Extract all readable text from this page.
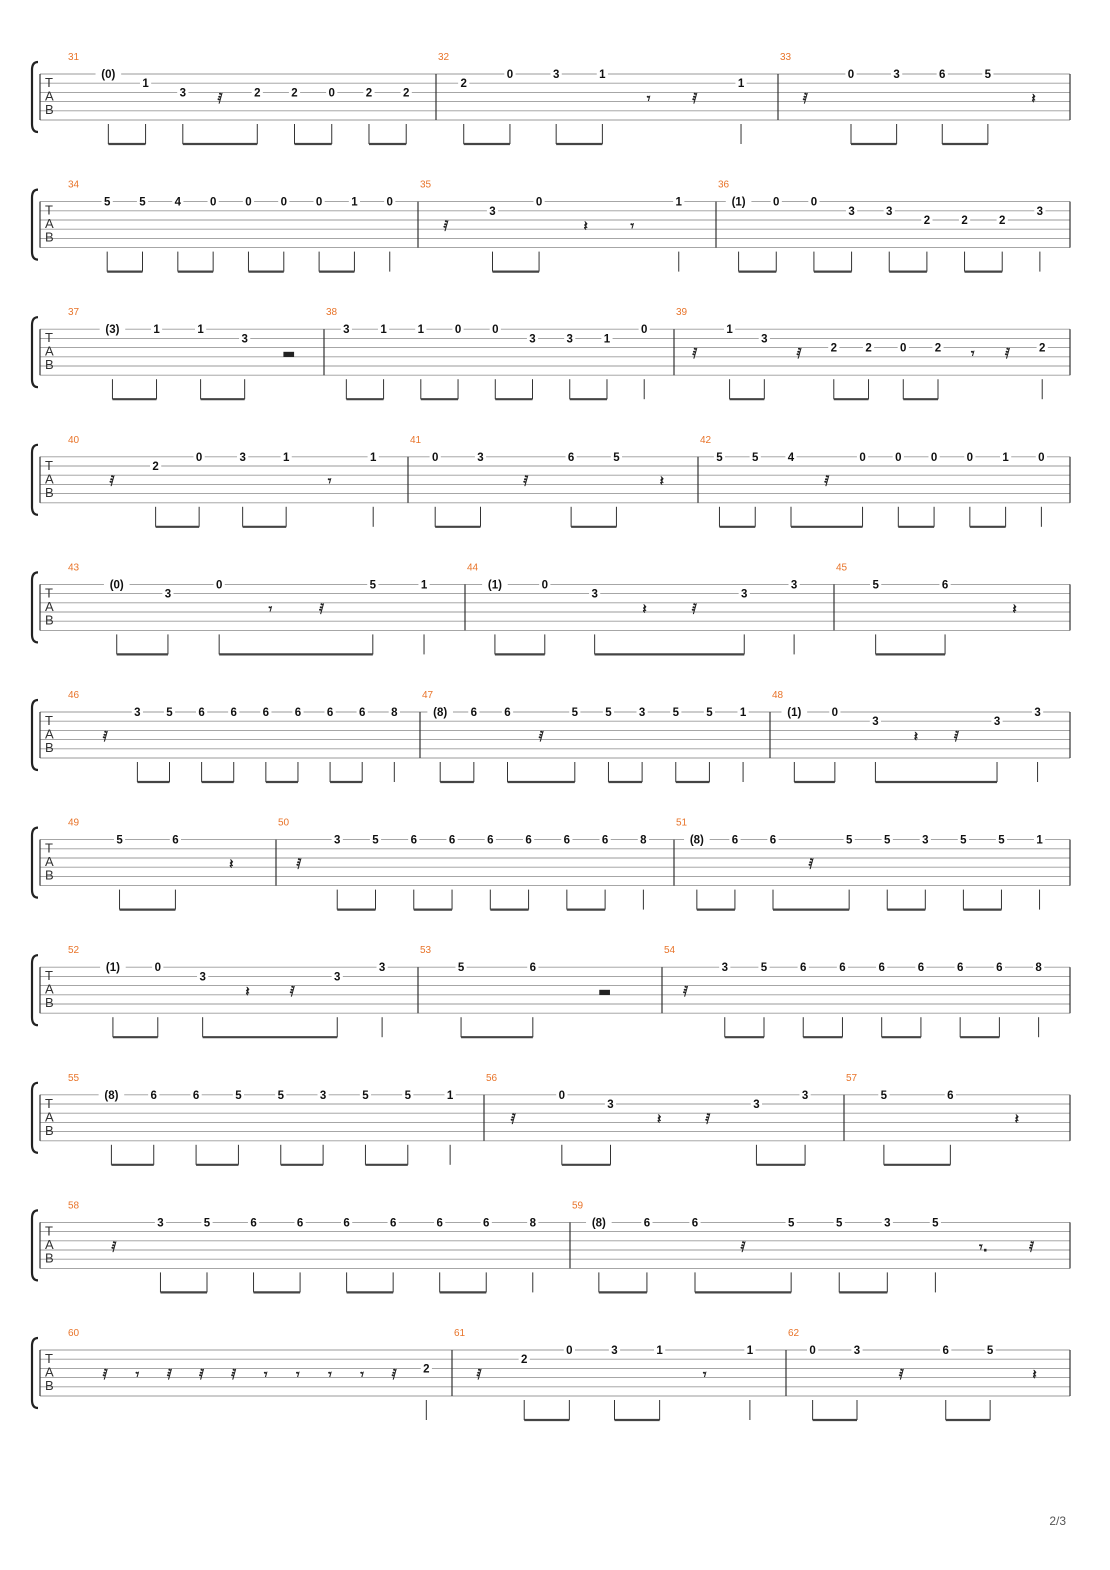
T
A
B
31
(0)
1
3 𝅀	2	2	0	2	2
32
2
0	3	1
𝄾	𝅀
1
33
𝅀
0	3	6	5
𝄽
T
A
B
34
5	5	4	0	0	0	0	1	0
35
𝅀
3
0
𝄽	𝄾
1
36
(1) 0	0
3	3
2	2	2
3
T
A
B
37
(3)	1	1
3
▬
38
3	1	1	0	0
3	3	1
0
39
𝅀
1
3
𝅀	2 2 0 2 𝄾 𝅀	2
T
A
B
40
𝅀
2
0	3	1
𝄾
1
41
0	3
𝅀
6	5
𝄽
42
5	5	4
𝅀
0	0	0	0	1	0
T
A
B
43
(0)
3
0
𝄾	𝅀
5	1
44
(1)	0
3
𝄽	𝅀
3
3
45
5	6
𝄽
T
A
B
46
𝅀
3 5 6 6 6 6 6 6 8
47
(8) 6 6
𝅀
5 5 3 5 5 1
48
(1)	0
3
𝄽	𝅀
3
3
T
A
B
49
5	6
𝄽
50
𝅀
3	5	6	6	6	6	6	6	8
51
(8) 6	6
𝅀
5	5	3	5	5	1
T
A
B
52
(1)	0
3
𝄽	𝅀
3
3
53
5	6
▬
54
𝅀
3	5	6	6	6	6	6	6	8
T
A
B
55
(8)	6	6	5	5	3	5	5	1
56
𝅀
0
3
𝄽	𝅀
3
3
57
5	6
𝄽
T
A
B
58
𝅀
3	5	6	6	6	6	6	6	8
59
(8)	6	6
𝅀
5	5	3	5
𝄾.	𝅀
T
A
B
60
𝅀 𝄾 𝅀 𝅀 𝅀 𝄾 𝄾 𝄾 𝄾 𝅀 2
61
𝅀
2
0	3	1
𝄾
1
62
0	3
𝅀
6	5
𝄽
2/3
